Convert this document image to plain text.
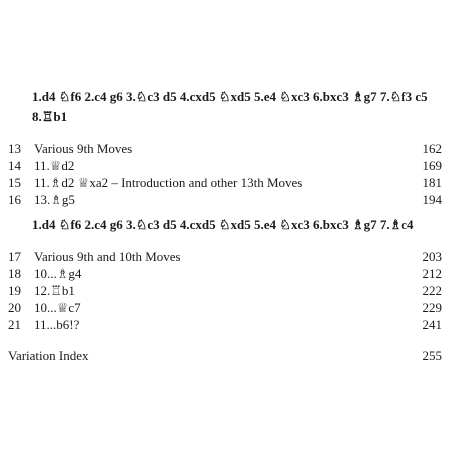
1.d4 ♘f6 2.c4 g6 3.♘c3 d5 4.cxd5 ♘xd5 5.e4 ♘xc3 6.bxc3 ♗g7 7.♘f3 c5 8.♖b1
13	Various 9th Moves	162
14	11.♕d2	169
15	11.♗d2 ♕xa2 – Introduction and other 13th Moves	181
16	13.♗g5	194
1.d4 ♘f6 2.c4 g6 3.♘c3 d5 4.cxd5 ♘xd5 5.e4 ♘xc3 6.bxc3 ♗g7 7.♗c4
17	Various 9th and 10th Moves	203
18	10...♗g4	212
19	12.♖b1	222
20	10...♕c7	229
21	11...b6!?	241
Variation Index	255
